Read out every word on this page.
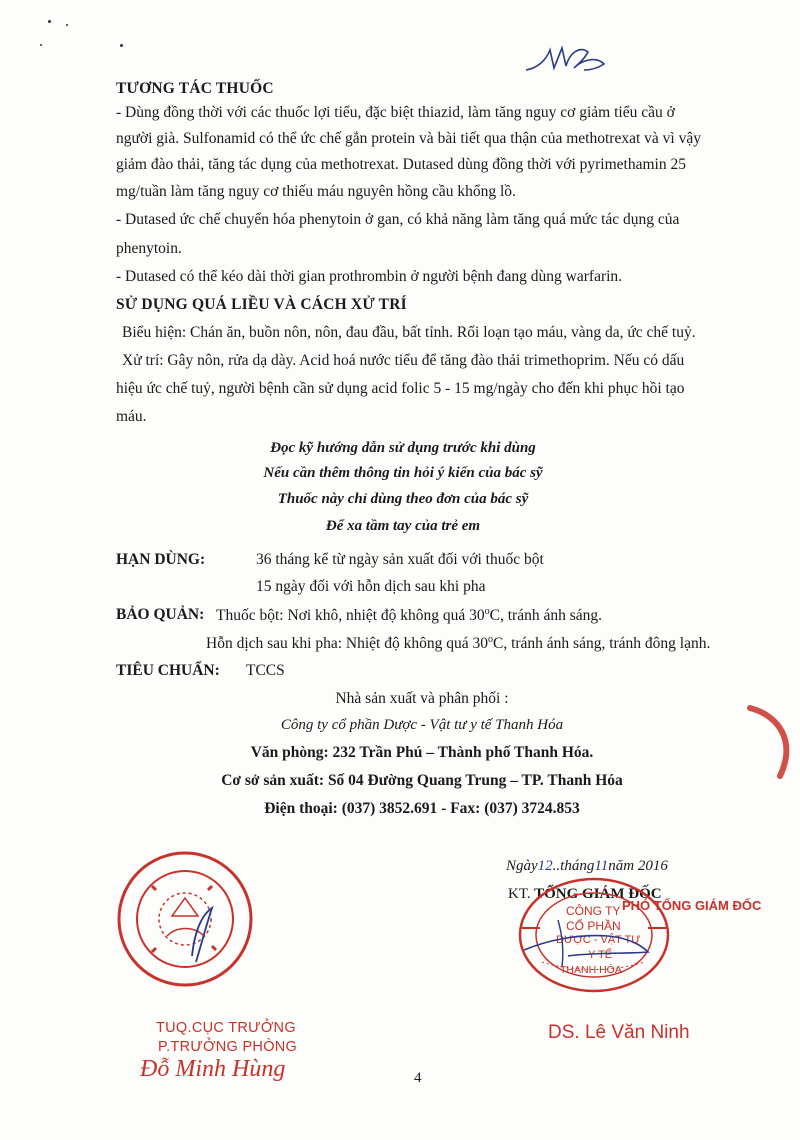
TƯƠNG TÁC THUỐC
- Dùng đồng thời với các thuốc lợi tiểu, đặc biệt thiazid, làm tăng nguy cơ giảm tiểu cầu ở
người già. Sulfonamid có thể ức chế gắn protein và bài tiết qua thận của methotrexat và vì vậy
giảm đào thải, tăng tác dụng của methotrexat. Dutased dùng đồng thời với pyrimethamin 25
mg/tuần làm tăng nguy cơ thiếu máu nguyên hồng cầu khổng lồ.
- Dutased ức chế chuyển hóa phenytoin ở gan, có khả năng làm tăng quá mức tác dụng của
phenytoin.
- Dutased có thể kéo dài thời gian prothrombin ở người bệnh đang dùng warfarin.
SỬ DỤNG QUÁ LIỀU VÀ CÁCH XỬ TRÍ
Biểu hiện: Chán ăn, buồn nôn, nôn, đau đầu, bất tỉnh. Rối loạn tạo máu, vàng da, ức chế tuỷ.
Xử trí: Gây nôn, rửa dạ dày. Acid hoá nước tiểu để tăng đào thải trimethoprim. Nếu có dấu
hiệu ức chế tuỷ, người bệnh cần sử dụng acid folic 5 - 15 mg/ngày cho đến khi phục hồi tạo
máu.
Đọc kỹ hướng dẫn sử dụng trước khi dùng
Nếu cần thêm thông tin hỏi ý kiến của bác sỹ
Thuốc này chỉ dùng theo đơn của bác sỹ
Để xa tầm tay của trẻ em
HẠN DÙNG:	36 tháng kể từ ngày sản xuất đối với thuốc bột
15 ngày đối với hỗn dịch sau khi pha
BẢO QUẢN: Thuốc bột: Nơi khô, nhiệt độ không quá 30$^o$C, tránh ánh sáng.
Hỗn dịch sau khi pha: Nhiệt độ không quá 30$^o$C, tránh ánh sáng, tránh đông lạnh.
TIÊU CHUẨN: TCCS
Nhà sản xuất và phân phối :
Công ty cổ phần Dược - Vật tư y tế Thanh Hóa
Văn phòng: 232 Trần Phú – Thành phố Thanh Hóa.
Cơ sở sản xuất: Số 04 Đường Quang Trung – TP. Thanh Hóa
Điện thoại: (037) 3852.691 - Fax: (037) 3724.853
TUQ.CỤC TRƯỞNG
P.TRƯỞNG PHÒNG
Đỗ Minh Hùng
Ngày12..tháng11năm 2016
KT. TỔNG GIÁM ĐỐC
CÔNG TY
CỔ PHẦN
DƯỢC - VẬT TƯ
Y TẾ
THANH HÓA
PHÓ TỔNG GIÁM ĐỐC
DS. Lê Văn Ninh
4
